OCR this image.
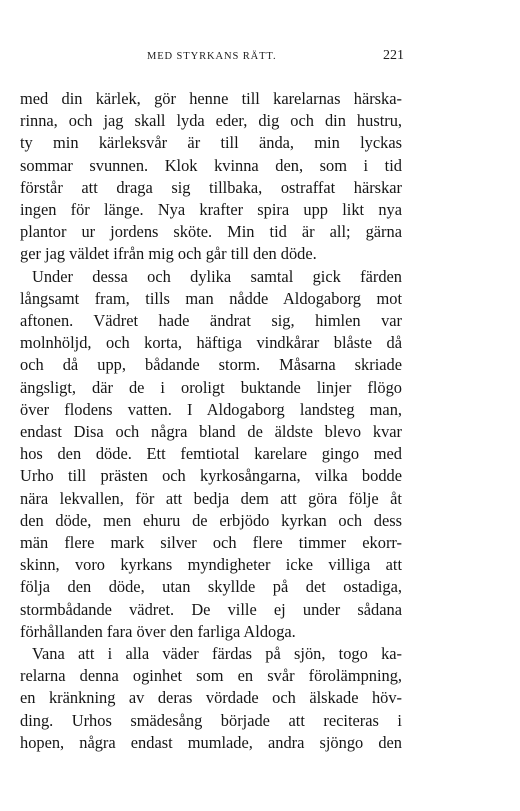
MED STYRKANS RÄTT.	221
med din kärlek, gör henne till karelarnas härska-
rinna, och jag skall lyda eder, dig och din hustru,
ty min kärleksvår är till ända, min lyckas
sommar svunnen. Klok kvinna den, som i tid
förstår att draga sig tillbaka, ostraffat härskar
ingen för länge. Nya krafter spira upp likt nya
plantor ur jordens sköte. Min tid är all; gärna
ger jag väldet ifrån mig och går till den döde.
Under dessa och dylika samtal gick färden
långsamt fram, tills man nådde Aldogaborg mot
aftonen. Vädret hade ändrat sig, himlen var
molnhöljd, och korta, häftiga vindkårar blåste då
och då upp, bådande storm. Måsarna skriade
ängsligt, där de i oroligt buktande linjer flögo
över flodens vatten. I Aldogaborg landsteg man,
endast Disa och några bland de äldste blevo kvar
hos den döde. Ett femtiotal karelare gingo med
Urho till prästen och kyrkosångarna, vilka bodde
nära lekvallen, för att bedja dem att göra följe åt
den döde, men ehuru de erbjödo kyrkan och dess
män flere mark silver och flere timmer ekorr-
skinn, voro kyrkans myndigheter icke villiga att
följa den döde, utan skyllde på det ostadiga,
stormbådande vädret. De ville ej under sådana
förhållanden fara över den farliga Aldoga.
Vana att i alla väder färdas på sjön, togo ka-
relarna denna oginhet som en svår förolämpning,
en kränkning av deras vördade och älskade höv-
ding. Urhos smädesång började att reciteras i
hopen, några endast mumlade, andra sjöngo den
